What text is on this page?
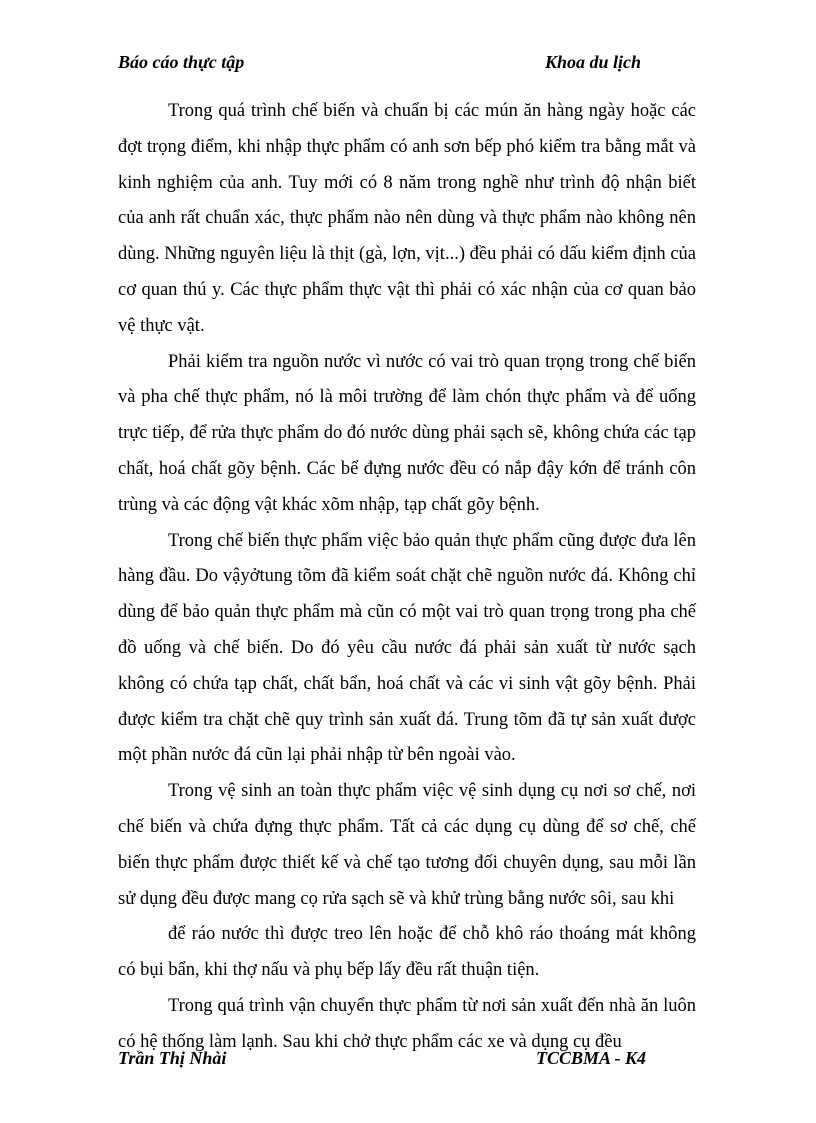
Báo cáo thực tập	Khoa du lịch

Trong quá trình chế biến và chuẩn bị các mún ăn hàng ngày hoặc các đợt trọng điểm, khi nhập thực phẩm có anh sơn bếp phó kiểm tra bằng mắt và kinh nghiệm của anh. Tuy mới có 8 năm trong nghề như trình độ nhận biết của anh rất chuẩn xác, thực phẩm nào nên dùng và thực phẩm nào không nên dùng. Những nguyên liệu là thịt (gà, lợn, vịt...) đều phải có dấu kiểm định của cơ quan thú y. Các thực phẩm thực vật thì phải có xác nhận của cơ quan bảo vệ thực vật.

Phải kiểm tra nguồn nước vì nước có vai trò quan trọng trong chế biến và pha chế thực phẩm, nó là môi trường để làm chón thực phẩm và để uống trực tiếp, để rửa thực phẩm do đó nước dùng phải sạch sẽ, không chứa các tạp chất, hoá chất gõy bệnh. Các bể đựng nước đều có nắp đậy kớn để tránh côn trùng và các động vật khác xõm nhập, tạp chất gõy bệnh.

Trong chế biến thực phẩm việc bảo quản thực phẩm cũng được đưa lên hàng đầu. Do vậyởtung tõm đã kiểm soát chặt chẽ nguồn nước đá. Không chỉ dùng để bảo quản thực phẩm mà cũn có một vai trò quan trọng trong pha chế đồ uống và chế biến. Do đó yêu cầu nước đá phải sản xuất từ nước sạch không có chứa tạp chất, chất bẩn, hoá chất và các vi sinh vật gõy bệnh. Phải được kiểm tra chặt chẽ quy trình sản xuất đá. Trung tõm đã tự sản xuất được một phần nước đá cũn lại phải nhập từ bên ngoài vào.

Trong vệ sinh an toàn thực phẩm việc vệ sinh dụng cụ nơi sơ chế, nơi chế biến và chứa đựng thực phẩm. Tất cả các dụng cụ dùng để sơ chế, chế biến thực phẩm được thiết kế và chế tạo tương đối chuyên dụng, sau mỗi lần sử dụng đều được mang cọ rửa sạch sẽ và khử trùng bằng nước sôi, sau khi

để ráo nước thì được treo lên hoặc để chỗ khô ráo thoáng mát không có bụi bẩn, khi thợ nấu và phụ bếp lấy đều rất thuận tiện.

Trong quá trình vận chuyển thực phẩm từ nơi sản xuất đến nhà ăn luôn có hệ thống làm lạnh. Sau khi chở thực phẩm các xe và dụng cụ đều

Trần Thị Nhài	TCCBMA - K4
